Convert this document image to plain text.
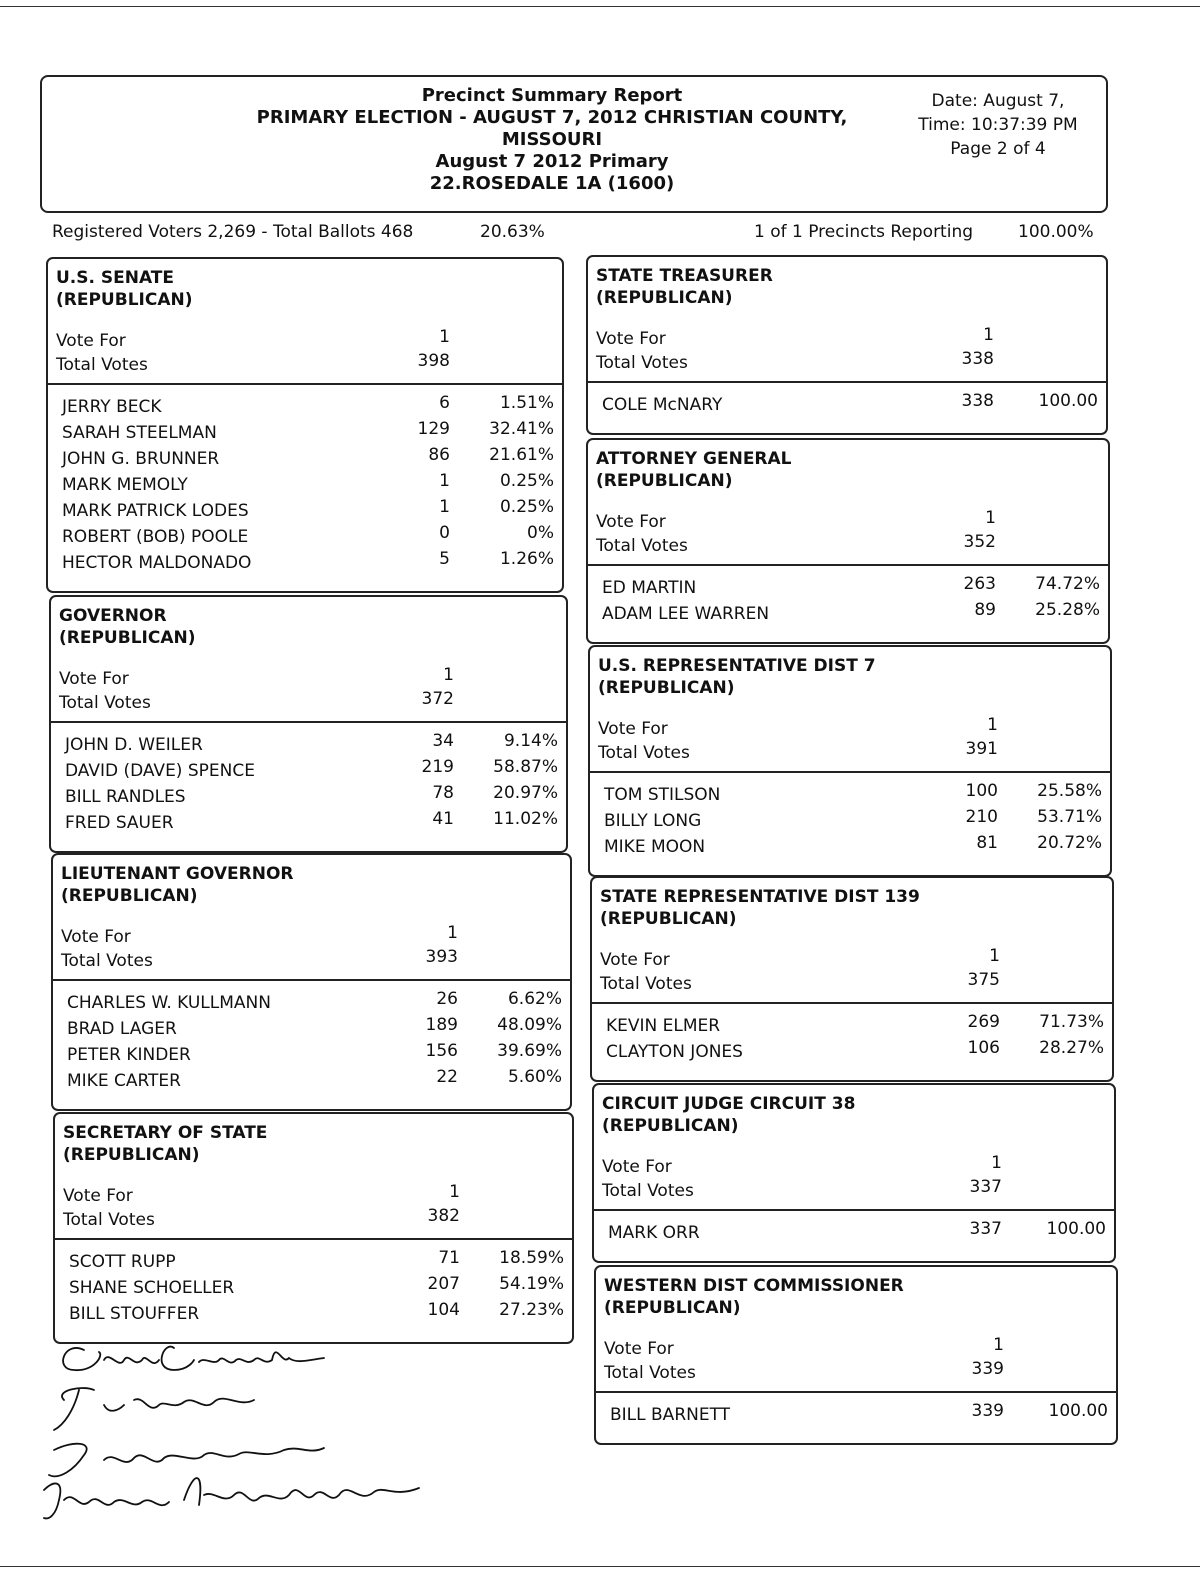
Precinct Summary Report
PRIMARY ELECTION - AUGUST 7, 2012 CHRISTIAN COUNTY,
MISSOURI
August 7 2012 Primary
22.ROSEDALE 1A (1600)
Date: August 7,
Time: 10:37:39 PM
Page 2 of 4
Registered Voters 2,269 - Total Ballots 468	20.63%	1 of 1 Precincts Reporting	100.00%
U.S. SENATE
(REPUBLICAN)
Vote For
Total Votes
1
398
JERRY BECK	6	1.51%
SARAH STEELMAN	129 32.41%
JOHN G. BRUNNER	86 21.61%
MARK MEMOLY	1	0.25%
MARK PATRICK LODES	1	0.25%
ROBERT (BOB) POOLE	0	0%
HECTOR MALDONADO	5	1.26%
GOVERNOR
(REPUBLICAN)
Vote For
Total Votes
1
372
JOHN D. WEILER	34	9.14%
DAVID (DAVE) SPENCE	219 58.87%
BILL RANDLES	78 20.97%
FRED SAUER	41 11.02%
LIEUTENANT GOVERNOR
(REPUBLICAN)
Vote For
Total Votes
1
393
CHARLES W. KULLMANN	26	6.62%
BRAD LAGER	189 48.09%
PETER KINDER	156 39.69%
MIKE CARTER	22	5.60%
SECRETARY OF STATE
(REPUBLICAN)
Vote For
Total Votes
1
382
SCOTT RUPP	71 18.59%
SHANE SCHOELLER	207 54.19%
BILL STOUFFER	104 27.23%
STATE TREASURER
(REPUBLICAN)
Vote For
Total Votes
1
338
COLE McNARY	338	100.00
ATTORNEY GENERAL
(REPUBLICAN)
Vote For
Total Votes
1
352
ED MARTIN	263 74.72%
ADAM LEE WARREN	89 25.28%
U.S. REPRESENTATIVE DIST 7
(REPUBLICAN)
Vote For
Total Votes
1
391
TOM STILSON	100 25.58%
BILLY LONG	210 53.71%
MIKE MOON	81 20.72%
STATE REPRESENTATIVE DIST 139
(REPUBLICAN)
Vote For
Total Votes
1
375
KEVIN ELMER	269 71.73%
CLAYTON JONES	106 28.27%
CIRCUIT JUDGE CIRCUIT 38
(REPUBLICAN)
Vote For
Total Votes
1
337
MARK ORR	337	100.00
WESTERN DIST COMMISSIONER
(REPUBLICAN)
Vote For
Total Votes
1
339
BILL BARNETT	339	100.00
